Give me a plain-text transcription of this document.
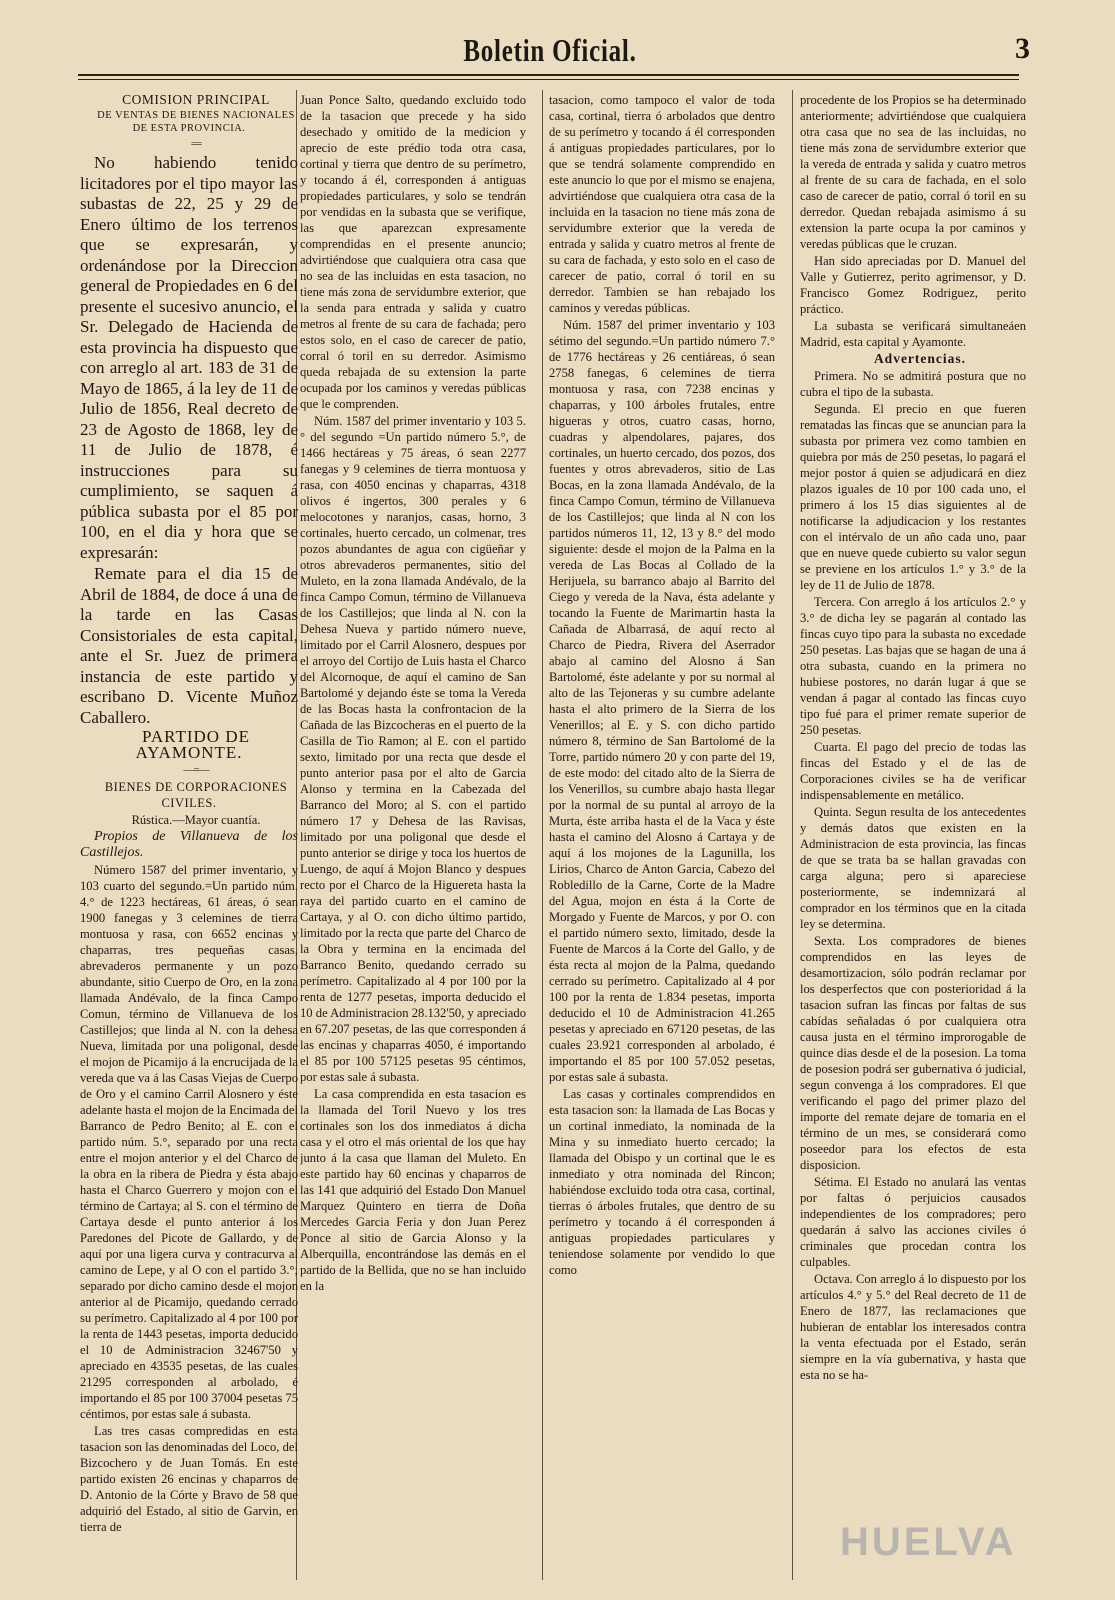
Boletin Oficial.	3

COMISION PRINCIPAL

DE VENTAS DE BIENES NACIONALES DE ESTA PROVINCIA.

==

No habiendo tenido licitadores por el tipo mayor las subastas de 22, 25 y 29 de Enero último de los terrenos que se expresarán, y ordenándose por la Direccion general de Propiedades en 6 del presente el sucesivo anuncio, el Sr. Delegado de Hacienda de esta provincia ha dispuesto que con arreglo al art. 183 de 31 de Mayo de 1865, á la ley de 11 de Julio de 1856, Real decreto de 23 de Agosto de 1868, ley de 11 de Julio de 1878, é instrucciones para su cumplimiento, se saquen á pública subasta por el 85 por 100, en el dia y hora que se expresarán:

Remate para el dia 15 de Abril de 1884, de doce á una de la tarde en las Casas Consistoriales de esta capital, ante el Sr. Juez de primera instancia de este partido y escribano D. Vicente Muñoz Caballero.

PARTIDO DE AYAMONTE.

—=—

BIENES DE CORPORACIONES CIVILES.

Rústica.—Mayor cuantía.

Propios de Villanueva de los Castillejos.

Número 1587 del primer inventario, y 103 cuarto del segundo.=Un partido núm. 4.° de 1223 hectáreas, 61 áreas, ó sean 1900 fanegas y 3 celemines de tierra montuosa y rasa, con 6652 encinas y chaparras, tres pequeñas casas, abrevaderos permanente y un pozo abundante, sitio Cuerpo de Oro, en la zona llamada Andévalo, de la finca Campo Comun, término de Villanueva de los Castillejos; que linda al N. con la dehesa Nueva, limitada por una poligonal, desde el mojon de Picamijo á la encrucijada de la vereda que va á las Casas Viejas de Cuerpo de Oro y el camino Carril Alosnero y éste adelante hasta el mojon de la Encimada del Barranco de Pedro Benito; al E. con el partido núm. 5.°, separado por una recta entre el mojon anterior y el del Charco de la obra en la ribera de Piedra y ésta abajo hasta el Charco Guerrero y mojon con el término de Cartaya; al S. con el término de Cartaya desde el punto anterior á los Paredones del Picote de Gallardo, y de aquí por una ligera curva y contracurva al camino de Lepe, y al O con el partido 3.°; separado por dicho camino desde el mojon anterior al de Picamijo, quedando cerrado su perímetro. Capitalizado al 4 por 100 por la renta de 1443 pesetas, importa deducido el 10 de Administracion 32467'50 y apreciado en 43535 pesetas, de las cuales 21295 corresponden al arbolado, é importando el 85 por 100 37004 pesetas 75 céntimos, por estas sale á subasta.

Las tres casas compredidas en esta tasacion son las denominadas del Loco, del Bizcochero y de Juan Tomás. En este partido existen 26 encinas y chaparros de D. Antonio de la Córte y Bravo de 58 que adquirió del Estado, al sitio de Garvin, en tierra de

Juan Ponce Salto, quedando excluido todo de la tasacion que precede y ha sido desechado y omitido de la medicion y aprecio de este prédio toda otra casa, cortinal y tierra que dentro de su perímetro, y tocando á él, corresponden á antiguas propiedades particulares, y solo se tendrán por vendidas en la subasta que se verifique, las que aparezcan expresamente comprendidas en el presente anuncio; advirtiéndose que cualquiera otra casa que no sea de las incluidas en esta tasacion, no tiene más zona de servidumbre exterior, que la senda para entrada y salida y cuatro metros al frente de su cara de fachada; pero estos solo, en el caso de carecer de patio, corral ó toril en su derredor. Asimismo queda rebajada de su extension la parte ocupada por los caminos y veredas públicas que le comprenden.

Núm. 1587 del primer inventario y 103 5.° del segundo =Un partido número 5.°, de 1466 hectáreas y 75 áreas, ó sean 2277 fanegas y 9 celemines de tierra montuosa y rasa, con 4050 encinas y chaparras, 4318 olivos é ingertos, 300 perales y 6 melocotones y naranjos, casas, horno, 3 cortinales, huerto cercado, un colmenar, tres pozos abundantes de agua con cigüeñar y otros abrevaderos permanentes, sitio del Muleto, en la zona llamada Andévalo, de la finca Campo Comun, término de Villanueva de los Castillejos; que linda al N. con la Dehesa Nueva y partido número nueve, limitado por el Carril Alosnero, despues por el arroyo del Cortijo de Luis hasta el Charco del Alcornoque, de aquí el camino de San Bartolomé y dejando éste se toma la Vereda de las Bocas hasta la confrontacion de la Cañada de las Bizcocheras en el puerto de la Casilla de Tio Ramon; al E. con el partido sexto, limitado por una recta que desde el punto anterior pasa por el alto de Garcia Alonso y termina en la Cabezada del Barranco del Moro; al S. con el partido número 17 y Dehesa de las Ravisas, limitado por una poligonal que desde el punto anterior se dirige y toca los huertos de Luengo, de aquí á Mojon Blanco y despues recto por el Charco de la Higuereta hasta la raya del partido cuarto en el camino de Cartaya, y al O. con dicho último partido, limitado por la recta que parte del Charco de la Obra y termina en la encimada del Barranco Benito, quedando cerrado su perímetro. Capitalizado al 4 por 100 por la renta de 1277 pesetas, importa deducido el 10 de Administracion 28.132'50, y apreciado en 67.207 pesetas, de las que corresponden á las encinas y chaparras 4050, é importando el 85 por 100 57125 pesetas 95 céntimos, por estas sale á subasta.

La casa comprendida en esta tasacion es la llamada del Toril Nuevo y los tres cortinales son los dos inmediatos á dicha casa y el otro el más oriental de los que hay junto á la casa que llaman del Muleto. En este partido hay 60 encinas y chaparros de las 141 que adquirió del Estado Don Manuel Marquez Quintero en tierra de Doña Mercedes Garcia Feria y don Juan Perez Ponce al sitio de Garcia Alonso y la Alberquilla, encontrándose las demás en el partido de la Bellida, que no se han incluido en la

tasacion, como tampoco el valor de toda casa, cortinal, tierra ó arbolados que dentro de su perímetro y tocando á él corresponden á antiguas propiedades particulares, por lo que se tendrá solamente comprendido en este anuncio lo que por el mismo se enajena, advirtiéndose que cualquiera otra casa de la incluida en la tasacion no tiene más zona de servidumbre exterior que la vereda de entrada y salida y cuatro metros al frente de su cara de fachada, y esto solo en el caso de carecer de patio, corral ó toril en su derredor. Tambien se han rebajado los caminos y veredas públicas.

Núm. 1587 del primer inventario y 103 sétimo del segundo.=Un partido número 7.° de 1776 hectáreas y 26 centiáreas, ó sean 2758 fanegas, 6 celemines de tierra montuosa y rasa, con 7238 encinas y chaparras, y 100 árboles frutales, entre higueras y otros, cuatro casas, horno, cuadras y alpendolares, pajares, dos cortinales, un huerto cercado, dos pozos, dos fuentes y otros abrevaderos, sitio de Las Bocas, en la zona llamada Andévalo, de la finca Campo Comun, término de Villanueva de los Castillejos; que linda al N con los partidos números 11, 12, 13 y 8.° del modo siguiente: desde el mojon de la Palma en la vereda de Las Bocas al Collado de la Herijuela, su barranco abajo al Barrito del Ciego y vereda de la Nava, ésta adelante y tocando la Fuente de Marimartin hasta la Cañada de Albarrasá, de aquí recto al Charco de Piedra, Rivera del Aserrador abajo al camino del Alosno á San Bartolomé, éste adelante y por su normal al alto de las Tejoneras y su cumbre adelante hasta el alto primero de la Sierra de los Venerillos; al E. y S. con dicho partido número 8, término de San Bartolomé de la Torre, partido número 20 y con parte del 19, de este modo: del citado alto de la Sierra de los Venerillos, su cumbre abajo hasta llegar por la normal de su puntal al arroyo de la Murta, éste arriba hasta el de la Vaca y éste hasta el camino del Alosno á Cartaya y de aquí á los mojones de la Lagunilla, los Lirios, Charco de Anton Garcia, Cabezo del Robledillo de la Carne, Corte de la Madre del Agua, mojon en ésta á la Corte de Morgado y Fuente de Marcos, y por O. con el partido número sexto, limitado, desde la Fuente de Marcos á la Corte del Gallo, y de ésta recta al mojon de la Palma, quedando cerrado su perímetro. Capitalizado al 4 por 100 por la renta de 1.834 pesetas, importa deducido el 10 de Administracion 41.265 pesetas y apreciado en 67120 pesetas, de las cuales 23.921 corresponden al arbolado, é importando el 85 por 100 57.052 pesetas, por estas sale á subasta.

Las casas y cortinales comprendidos en esta tasacion son: la llamada de Las Bocas y un cortinal inmediato, la nominada de la Mina y su inmediato huerto cercado; la llamada del Obispo y un cortinal que le es inmediato y otra nominada del Rincon; habiéndose excluido toda otra casa, cortinal, tierras ó árboles frutales, que dentro de su perímetro y tocando á él corresponden á antiguas propiedades particulares y teniendose solamente por vendido lo que como

procedente de los Propios se ha determinado anteriormente; advirtiéndose que cualquiera otra casa que no sea de las incluidas, no tiene más zona de servidumbre exterior que la vereda de entrada y salida y cuatro metros al frente de su cara de fachada, en el solo caso de carecer de patio, corral ó toril en su derredor. Quedan rebajada asimismo á su extension la parte ocupa la por caminos y veredas públicas que le cruzan.

Han sido apreciadas por D. Manuel del Valle y Gutierrez, perito agrimensor, y D. Francisco Gomez Rodriguez, perito práctico.

La subasta se verificará simultaneáen Madrid, esta capital y Ayamonte.

Advertencias.

Primera. No se admitirá postura que no cubra el tipo de la subasta.

Segunda. El precio en que fueren rematadas las fincas que se anuncian para la subasta por primera vez como tambien en quiebra por más de 250 pesetas, lo pagará el mejor postor á quien se adjudicará en diez plazos iguales de 10 por 100 cada uno, el primero á los 15 dias siguientes al de notificarse la adjudicacion y los restantes con el intérvalo de un año cada uno, paar que en nueve quede cubierto su valor segun se previene en los artículos 1.° y 3.° de la ley de 11 de Julio de 1878.

Tercera. Con arreglo á los artículos 2.° y 3.° de dicha ley se pagarán al contado las fincas cuyo tipo para la subasta no excedade 250 pesetas. Las bajas que se hagan de una á otra subasta, cuando en la primera no hubiese postores, no darán lugar á que se vendan á pagar al contado las fincas cuyo tipo fué para el primer remate superior de 250 pesetas.

Cuarta. El pago del precio de todas las fincas del Estado y el de las de Corporaciones civiles se ha de verificar indispensablemente en metálico.

Quinta. Segun resulta de los antecedentes y demás datos que existen en la Administracion de esta provincia, las fincas de que se trata ba se hallan gravadas con carga alguna; pero si apareciese posteriormente, se indemnizará al comprador en los términos que en la citada ley se determina.

Sexta. Los compradores de bienes comprendidos en las leyes de desamortizacion, sólo podrán reclamar por los desperfectos que con posterioridad á la tasacion sufran las fincas por faltas de sus cabídas señaladas ó por cualquiera otra causa justa en el término improrogable de quince dias desde el de la posesion. La toma de posesion podrá ser gubernativa ó judicial, segun convenga á los compradores. El que verificando el pago del primer plazo del importe del remate dejare de tomaria en el término de un mes, se considerará como poseedor para los efectos de esta disposicion.

Sétima. El Estado no anulará las ventas por faltas ó perjuicios causados independientes de los compradores; pero quedarán á salvo las acciones civiles ó criminales que procedan contra los culpables.

Octava. Con arreglo á lo dispuesto por los artículos 4.° y 5.° del Real decreto de 11 de Enero de 1877, las reclamaciones que hubieran de entablar los interesados contra la venta efectuada por el Estado, serán siempre en la vía gubernativa, y hasta que esta no se ha-

HUELVA
